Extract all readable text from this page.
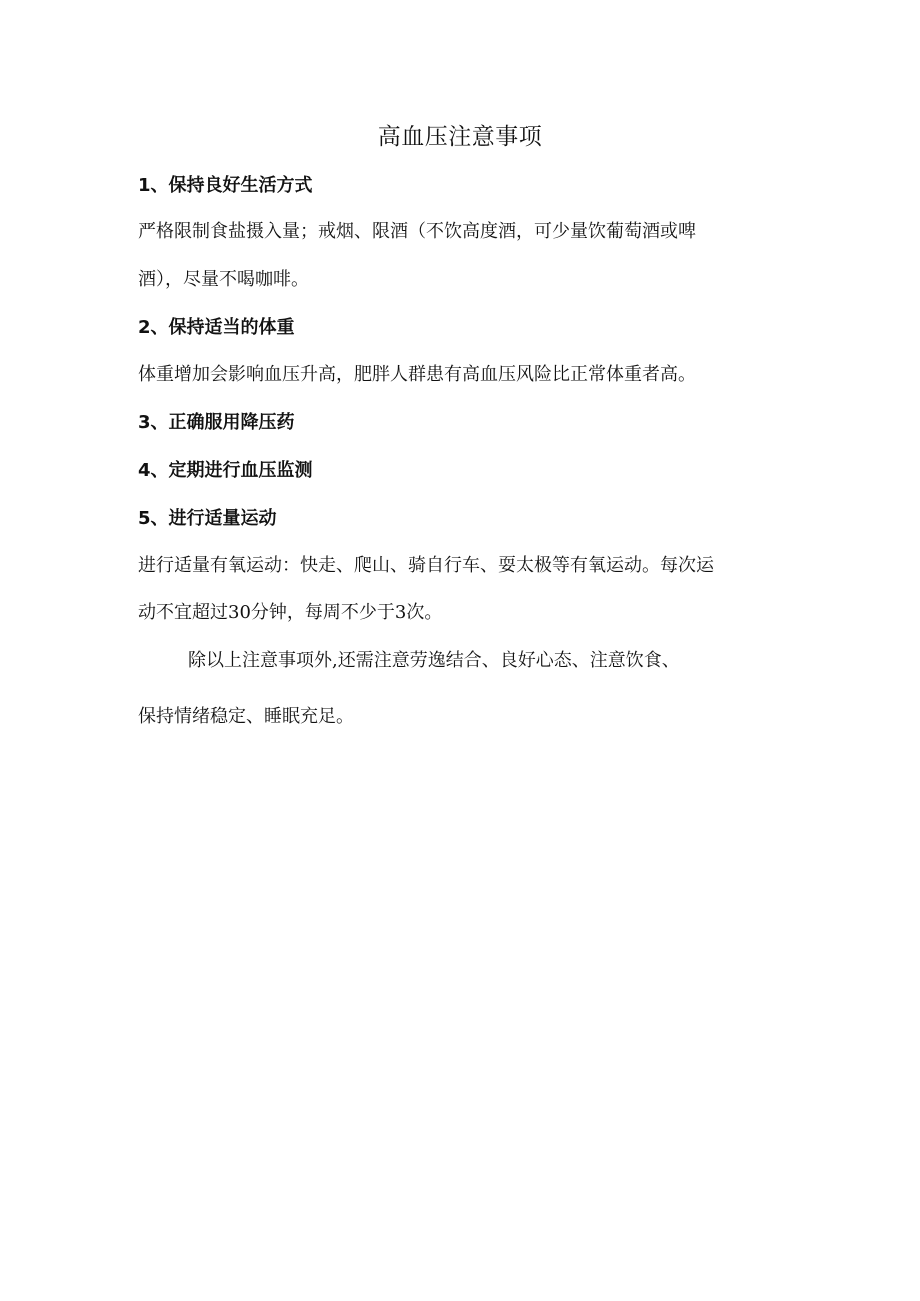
高血压注意事项
1、保持良好生活方式
严格限制食盐摄入量；戒烟、限酒（不饮高度酒，可少量饮葡萄酒或啤
酒），尽量不喝咖啡。
2、保持适当的体重
体重增加会影响血压升高，肥胖人群患有高血压风险比正常体重者高。
3、正确服用降压药
4、定期进行血压监测
5、进行适量运动
进行适量有氧运动：快走、爬山、骑自行车、耍太极等有氧运动。每次运
动不宜超过30分钟，每周不少于3次。
除以上注意事项外,还需注意劳逸结合、良好心态、注意饮食、
保持情绪稳定、睡眠充足。
